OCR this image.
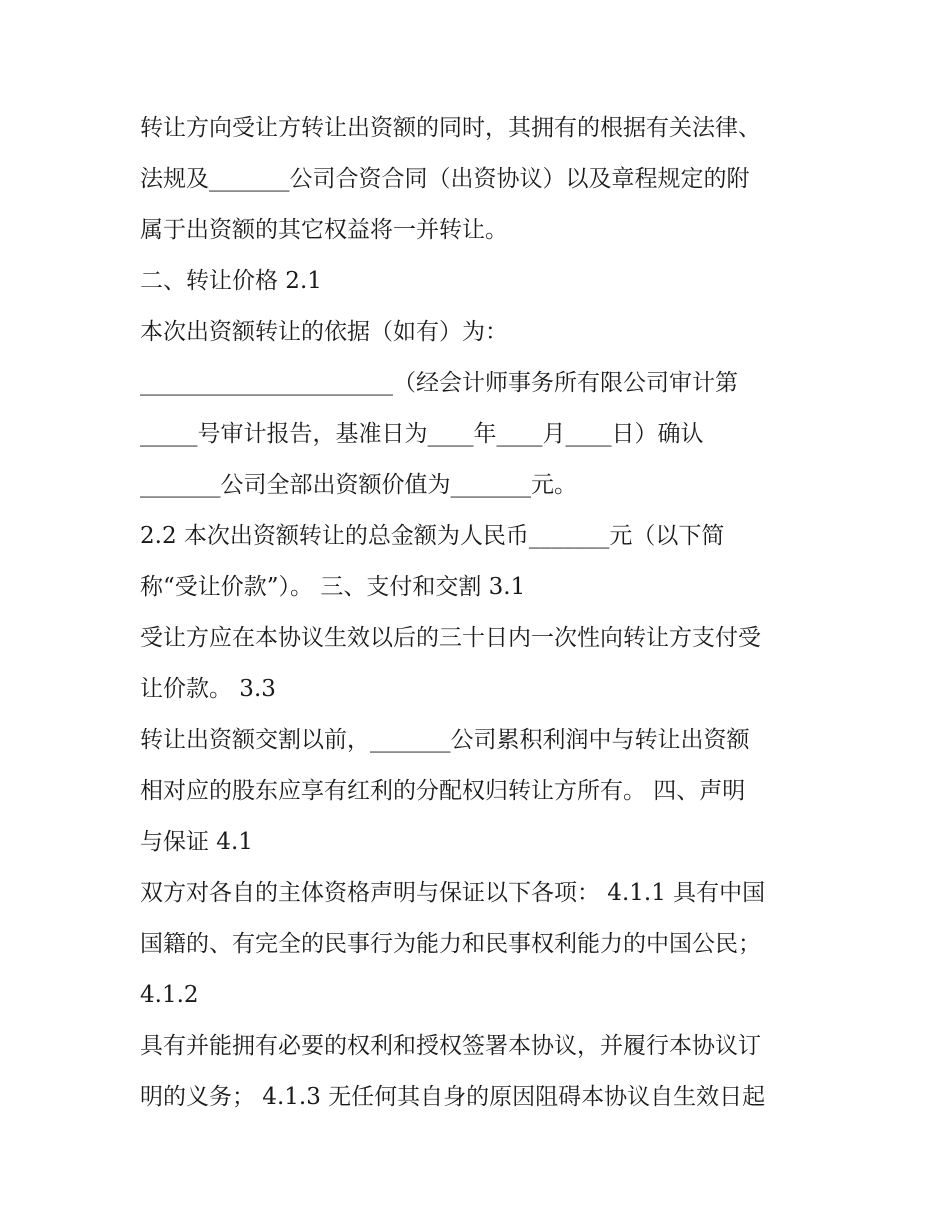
转让方向受让方转让出资额的同时，其拥有的根据有关法律、
法规及_______公司合资合同（出资协议）以及章程规定的附
属于出资额的其它权益将一并转让。
二、转让价格 2.1
本次出资额转让的依据（如有）为：
______________________（经会计师事务所有限公司审计第
_____号审计报告，基准日为____年____月____日）确认
_______公司全部出资额价值为_______元。
2.2 本次出资额转让的总金额为人民币_______元（以下简
称“受让价款”）。 三、支付和交割 3.1
受让方应在本协议生效以后的三十日内一次性向转让方支付受
让价款。 3.3
转让出资额交割以前，_______公司累积利润中与转让出资额
相对应的股东应享有红利的分配权归转让方所有。 四、声明
与保证 4.1
双方对各自的主体资格声明与保证以下各项： 4.1.1 具有中国
国籍的、有完全的民事行为能力和民事权利能力的中国公民；
4.1.2
具有并能拥有必要的权利和授权签署本协议，并履行本协议订
明的义务； 4.1.3 无任何其自身的原因阻碍本协议自生效日起
